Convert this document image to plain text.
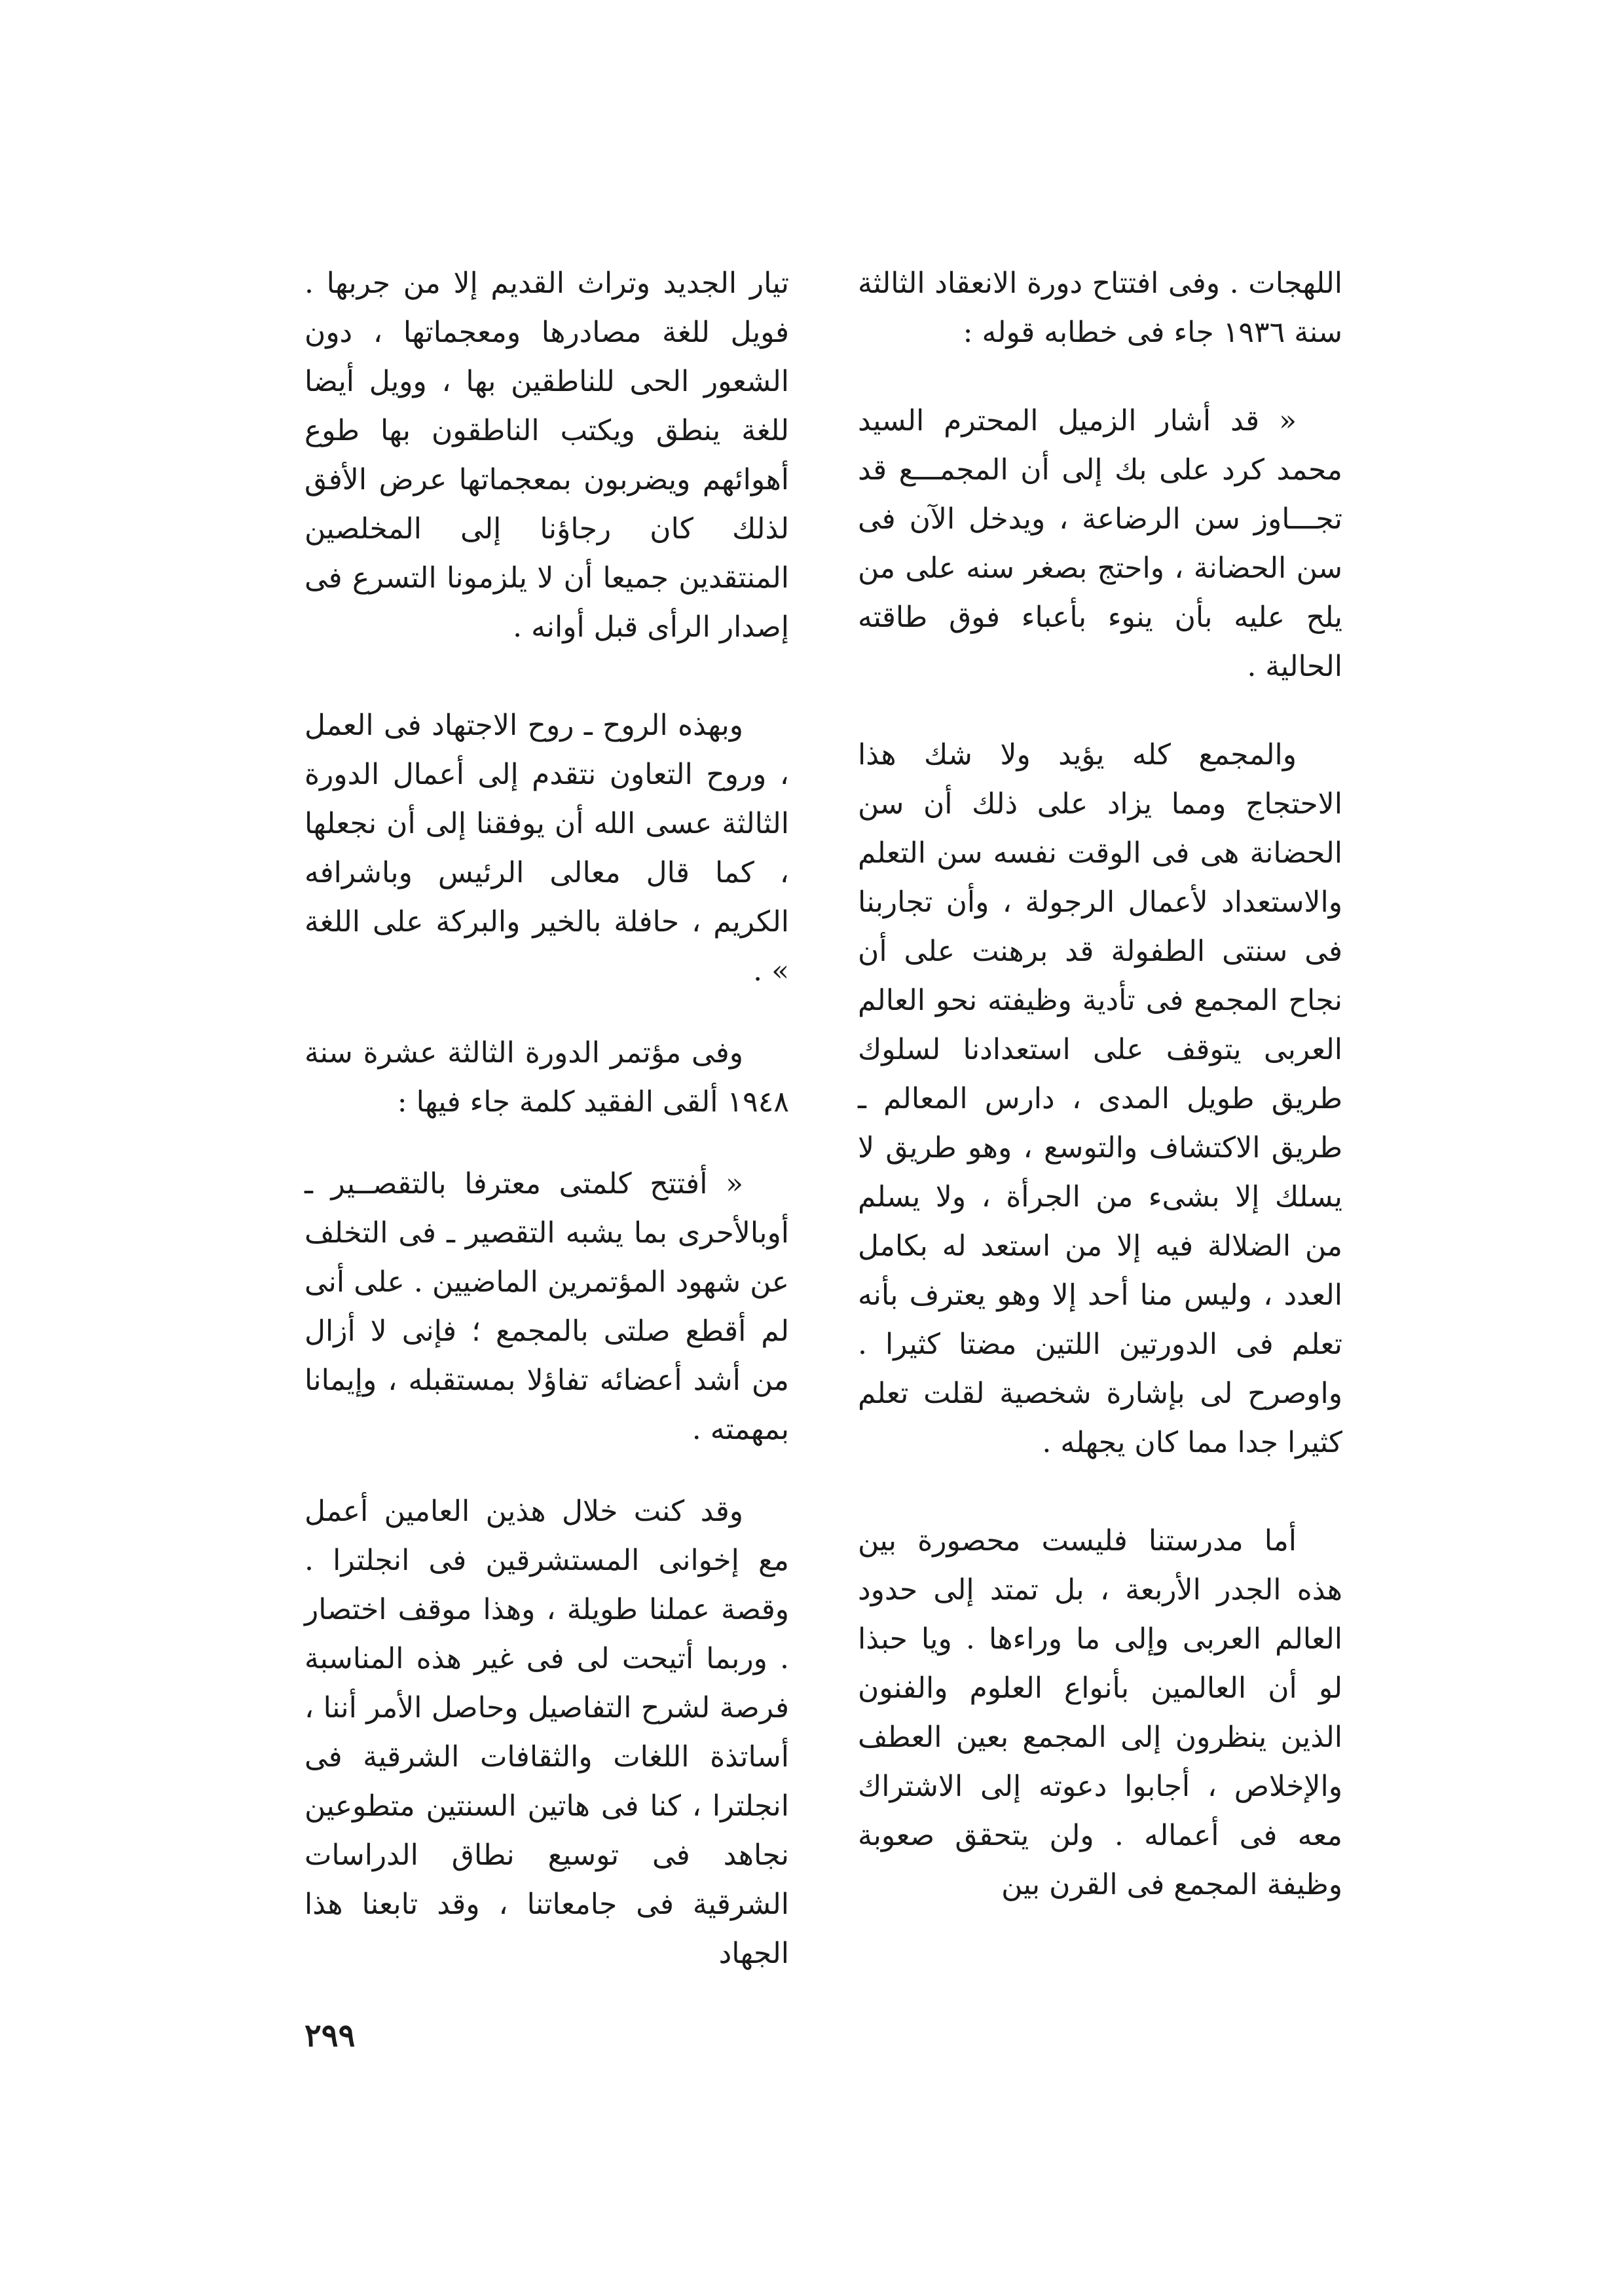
اللهجات . وفى افتتاح دورة الانعقاد الثالثة سنة ١٩٣٦ جاء فى خطابه قوله :

« قد أشار الزميل المحترم السيد محمد كرد على بك إلى أن المجمـــع قد تجـــاوز سن الرضاعة ، ويدخل الآن فى سن الحضانة ، واحتج بصغر سنه على من يلح عليه بأن ينوء بأعباء فوق طاقته الحالية .

والمجمع كله يؤيد ولا شك هذا الاحتجاج ومما يزاد على ذلك أن سن الحضانة هى فى الوقت نفسه سن التعلم والاستعداد لأعمال الرجولة ، وأن تجاربنا فى سنتى الطفولة قد برهنت على أن نجاح المجمع فى تأدية وظيفته نحو العالم العربى يتوقف على استعدادنا لسلوك طريق طويل المدى ، دارس المعالم ـ طريق الاكتشاف والتوسع ، وهو طريق لا يسلك إلا بشىء من الجرأة ، ولا يسلم من الضلالة فيه إلا من استعد له بكامل العدد ، وليس منا أحد إلا وهو يعترف بأنه تعلم فى الدورتين اللتين مضتا كثيرا . واوصرح لى بإشارة شخصية لقلت تعلم كثيرا جدا مما كان يجهله .

أما مدرستنا فليست محصورة بين هذه الجدر الأربعة ، بل تمتد إلى حدود العالم العربى وإلى ما وراءها . ويا حبذا لو أن العالمين بأنواع العلوم والفنون الذين ينظرون إلى المجمع بعين العطف والإخلاص ، أجابوا دعوته إلى الاشتراك معه فى أعماله . ولن يتحقق صعوبة وظيفة المجمع فى القرن بين

تيار الجديد وتراث القديم إلا من جربها . فويل للغة مصادرها ومعجماتها ، دون الشعور الحى للناطقين بها ، وويل أيضا للغة ينطق ويكتب الناطقون بها طوع أهوائهم ويضربون بمعجماتها عرض الأفق لذلك كان رجاؤنا إلى المخلصين المنتقدين جميعا أن لا يلزمونا التسرع فى إصدار الرأى قبل أوانه .

وبهذه الروح ـ روح الاجتهاد فى العمل ، وروح التعاون نتقدم إلى أعمال الدورة الثالثة عسى الله أن يوفقنا إلى أن نجعلها ، كما قال معالى الرئيس وباشرافه الكريم ، حافلة بالخير والبركة على اللغة » .

وفى مؤتمر الدورة الثالثة عشرة سنة ١٩٤٨ ألقى الفقيد كلمة جاء فيها :

« أفتتح كلمتى معترفا بالتقصــير ـ أوبالأحرى بما يشبه التقصير ـ فى التخلف عن شهود المؤتمرين الماضيين . على أنى لم أقطع صلتى بالمجمع ؛ فإنى لا أزال من أشد أعضائه تفاؤلا بمستقبله ، وإيمانا بمهمته .

وقد كنت خلال هذين العامين أعمل مع إخوانى المستشرقين فى انجلترا . وقصة عملنا طويلة ، وهذا موقف اختصار . وربما أتيحت لى فى غير هذه المناسبة فرصة لشرح التفاصيل وحاصل الأمر أننا ، أساتذة اللغات والثقافات الشرقية فى انجلترا ، كنا فى هاتين السنتين متطوعين نجاهد فى توسيع نطاق الدراسات الشرقية فى جامعاتنا ، وقد تابعنا هذا الجهاد

٢٩٩
